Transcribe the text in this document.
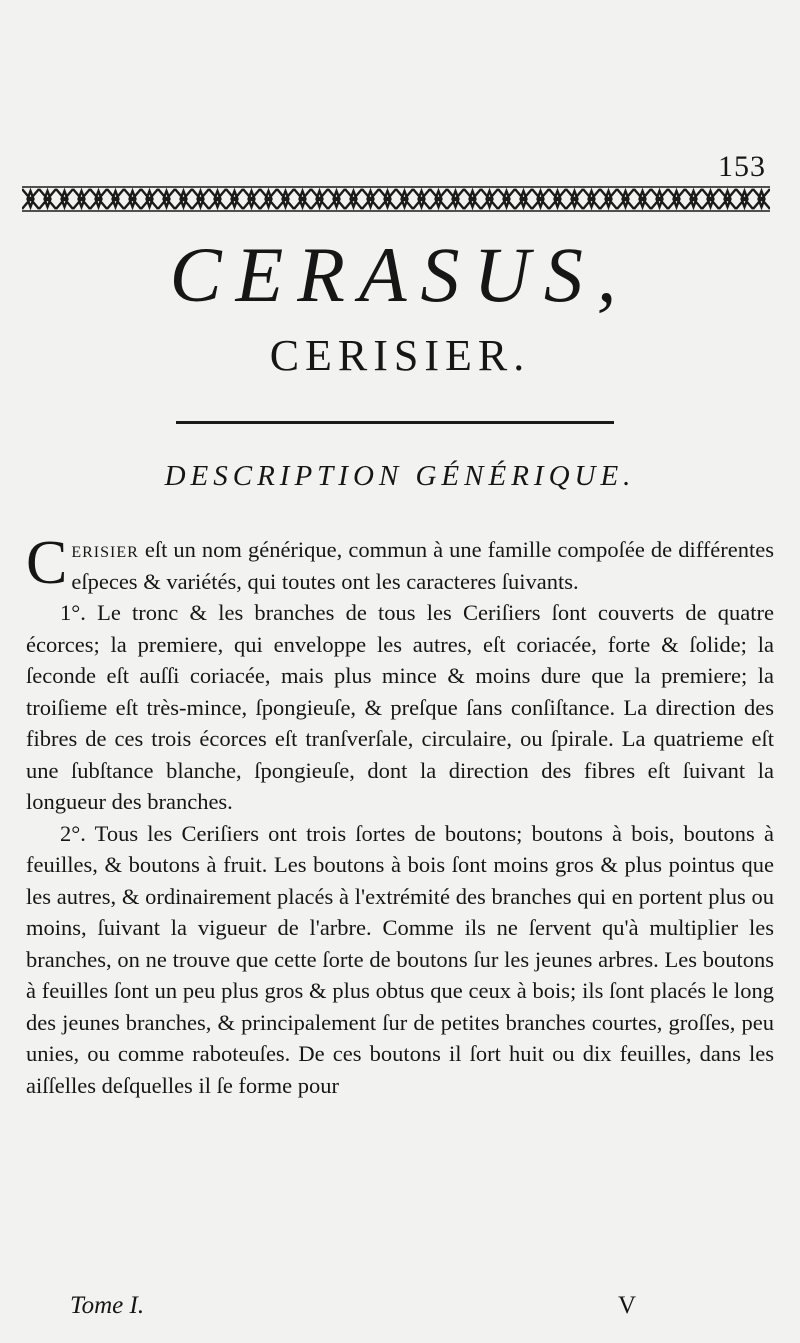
153
CERASUS,
CERISIER.
DESCRIPTION GÉNÉRIQUE.

Cerisier eſt un nom générique, commun à une famille compoſée de différentes eſpeces & variétés, qui toutes ont les caracteres ſuivants.

1°. Le tronc & les branches de tous les Ceriſiers ſont couverts de quatre écorces; la premiere, qui enveloppe les autres, eſt coriacée, forte & ſolide; la ſeconde eſt auſſi coriacée, mais plus mince & moins dure que la premiere; la troiſieme eſt très-mince, ſpongieuſe, & preſque ſans conſiſtance. La direction des fibres de ces trois écorces eſt tranſverſale, circulaire, ou ſpirale. La quatrieme eſt une ſubſtance blanche, ſpongieuſe, dont la direction des fibres eſt ſuivant la longueur des branches.

2°. Tous les Ceriſiers ont trois ſortes de boutons; boutons à bois, boutons à feuilles, & boutons à fruit. Les boutons à bois ſont moins gros & plus pointus que les autres, & ordinairement placés à l'extrémité des branches qui en portent plus ou moins, ſuivant la vigueur de l'arbre. Comme ils ne ſervent qu'à multiplier les branches, on ne trouve que cette ſorte de boutons ſur les jeunes arbres. Les boutons à feuilles ſont un peu plus gros & plus obtus que ceux à bois; ils ſont placés le long des jeunes branches, & principalement ſur de petites branches courtes, groſſes, peu unies, ou comme raboteuſes. De ces boutons il ſort huit ou dix feuilles, dans les aiſſelles deſquelles il ſe forme pour

Tome I.	V
